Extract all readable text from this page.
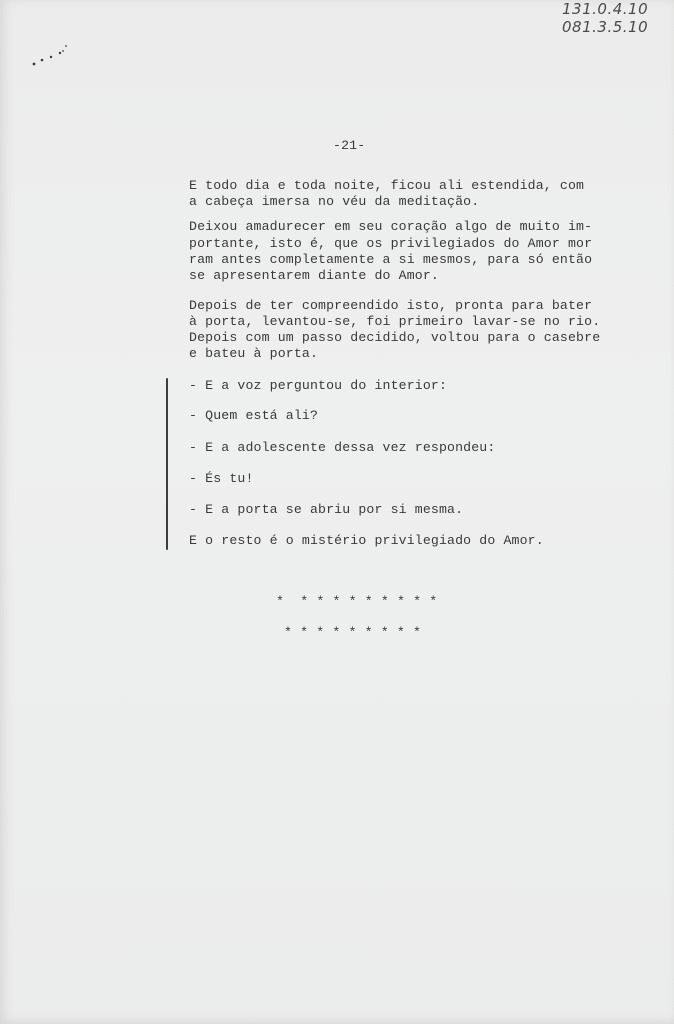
131.0.4.10
081.3.5.10
-21-
E todo dia e toda noite, ficou ali estendida, com
a cabeça imersa no véu da meditação.
Deixou amadurecer em seu coração algo de muito im-
portante, isto é, que os privilegiados do Amor mor
ram antes completamente a si mesmos, para só então
se apresentarem diante do Amor.
Depois de ter compreendido isto, pronta para bater
à porta, levantou-se, foi primeiro lavar-se no rio.
Depois com um passo decidido, voltou para o casebre
e bateu à porta.
- E a voz perguntou do interior:
- Quem está ali?
- E a adolescente dessa vez respondeu:
- És tu!
- E a porta se abriu por si mesma.
E o resto é o mistério privilegiado do Amor.
*  * * * * * * * * *
* * * * * * * * *
